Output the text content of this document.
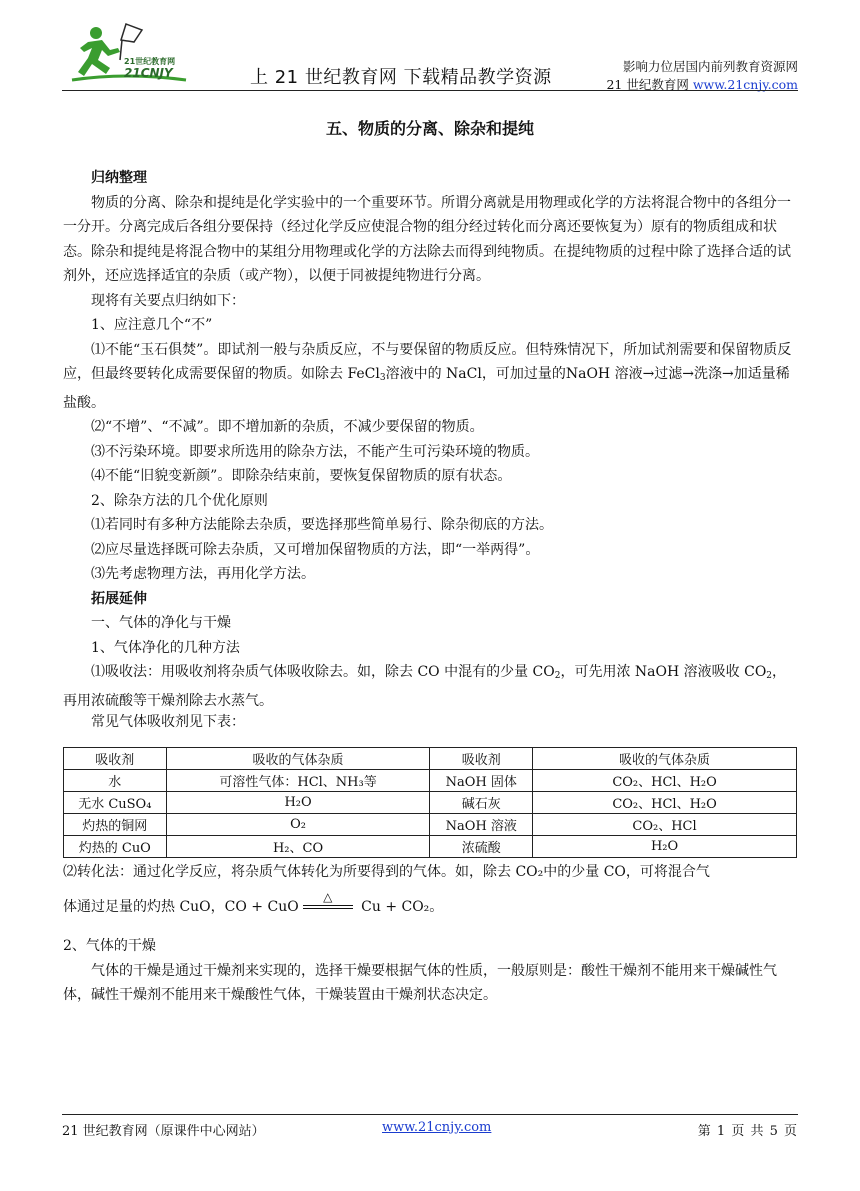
21世纪教育网
21CNJY	上 21 世纪教育网 下载精品教学资源
影响力位居国内前列教育资源网
21 世纪教育网 www.21cnjy.com
五、物质的分离、除杂和提纯

归纳整理

物质的分离、除杂和提纯是化学实验中的一个重要环节。所谓分离就是用物理或化学的方法将混合物中的各组分一一分开。分离完成后各组分要保持（经过化学反应使混合物的组分经过转化而分离还要恢复为）原有的物质组成和状态。除杂和提纯是将混合物中的某组分用物理或化学的方法除去而得到纯物质。在提纯物质的过程中除了选择合适的试剂外，还应选择适宜的杂质（或产物），以便于同被提纯物进行分离。

现将有关要点归纳如下：

1、应注意几个“不”

⑴不能“玉石俱焚”。即试剂一般与杂质反应，不与要保留的物质反应。但特殊情况下，所加试剂需要和保留物质反应，但最终要转化成需要保留的物质。如除去 FeCl$_3$溶液中的 NaCl，可加过量的NaOH 溶液→过滤→洗涤→加适量稀盐酸。

⑵“不增”、“不减”。即不增加新的杂质，不减少要保留的物质。

⑶不污染环境。即要求所选用的除杂方法，不能产生可污染环境的物质。

⑷不能“旧貌变新颜”。即除杂结束前，要恢复保留物质的原有状态。

2、除杂方法的几个优化原则

⑴若同时有多种方法能除去杂质，要选择那些简单易行、除杂彻底的方法。

⑵应尽量选择既可除去杂质，又可增加保留物质的方法，即“一举两得”。

⑶先考虑物理方法，再用化学方法。

拓展延伸

一、气体的净化与干燥

1、气体净化的几种方法

⑴吸收法：用吸收剂将杂质气体吸收除去。如，除去 CO 中混有的少量 $CO_2$，可先用浓 NaOH 溶液吸收 $CO_2$，再用浓硫酸等干燥剂除去水蒸气。

常见气体吸收剂见下表：

吸收剂	吸收的气体杂质	吸收剂	吸收的气体杂质
水	可溶性气体：HCl、NH₃等	NaOH 固体	CO₂、HCl、H₂O
无水 CuSO₄	H₂O	碱石灰	CO₂、HCl、H₂O
灼热的铜网	O₂	NaOH 溶液	CO₂、HCl
灼热的 CuO	H₂、CO	浓硫酸	H₂O

⑵转化法：通过化学反应，将杂质气体转化为所要得到的气体。如，除去 CO₂中的少量 CO，可将混合气

体通过足量的灼热 CuO，CO + CuO
△
Cu + CO₂。

2、气体的干燥

气体的干燥是通过干燥剂来实现的，选择干燥要根据气体的性质，一般原则是：酸性干燥剂不能用来干燥碱性气体，碱性干燥剂不能用来干燥酸性气体，干燥装置由干燥剂状态决定。

21 世纪教育网（原课件中心网站）	www.21cnjy.com	第 1 页 共 5 页
